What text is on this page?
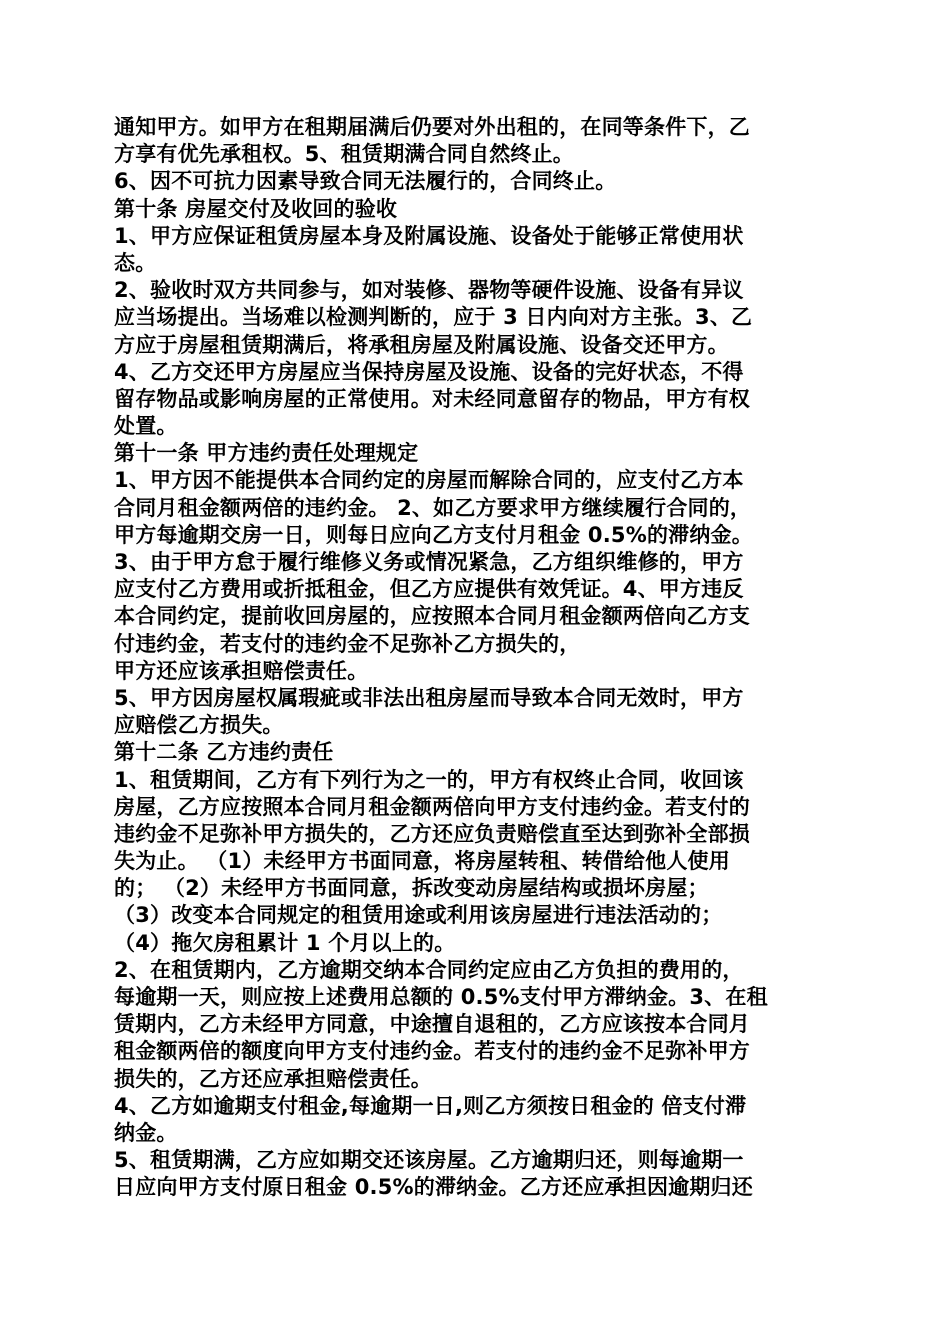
通知甲方。如甲方在租期届满后仍要对外出租的，在同等条件下，乙
方享有优先承租权。5、租赁期满合同自然终止。
6、因不可抗力因素导致合同无法履行的，合同终止。
第十条 房屋交付及收回的验收
1、甲方应保证租赁房屋本身及附属设施、设备处于能够正常使用状
态。
2、验收时双方共同参与，如对装修、器物等硬件设施、设备有异议
应当场提出。当场难以检测判断的，应于 3 日内向对方主张。3、乙
方应于房屋租赁期满后，将承租房屋及附属设施、设备交还甲方。
4、乙方交还甲方房屋应当保持房屋及设施、设备的完好状态，不得
留存物品或影响房屋的正常使用。对未经同意留存的物品，甲方有权
处置。
第十一条 甲方违约责任处理规定
1、甲方因不能提供本合同约定的房屋而解除合同的，应支付乙方本
合同月租金额两倍的违约金。 2、如乙方要求甲方继续履行合同的，
甲方每逾期交房一日，则每日应向乙方支付月租金 0.5%的滞纳金。
3、由于甲方怠于履行维修义务或情况紧急，乙方组织维修的，甲方
应支付乙方费用或折抵租金，但乙方应提供有效凭证。4、甲方违反
本合同约定，提前收回房屋的，应按照本合同月租金额两倍向乙方支
付违约金，若支付的违约金不足弥补乙方损失的，
甲方还应该承担赔偿责任。
5、甲方因房屋权属瑕疵或非法出租房屋而导致本合同无效时，甲方
应赔偿乙方损失。
第十二条 乙方违约责任
1、租赁期间，乙方有下列行为之一的，甲方有权终止合同，收回该
房屋，乙方应按照本合同月租金额两倍向甲方支付违约金。若支付的
违约金不足弥补甲方损失的，乙方还应负责赔偿直至达到弥补全部损
失为止。 （1）未经甲方书面同意，将房屋转租、转借给他人使用
的； （2）未经甲方书面同意，拆改变动房屋结构或损坏房屋；
（3）改变本合同规定的租赁用途或利用该房屋进行违法活动的；
（4）拖欠房租累计 1 个月以上的。
2、在租赁期内，乙方逾期交纳本合同约定应由乙方负担的费用的，
每逾期一天，则应按上述费用总额的 0.5%支付甲方滞纳金。3、在租
赁期内，乙方未经甲方同意，中途擅自退租的，乙方应该按本合同月
租金额两倍的额度向甲方支付违约金。若支付的违约金不足弥补甲方
损失的，乙方还应承担赔偿责任。
4、乙方如逾期支付租金,每逾期一日,则乙方须按日租金的 倍支付滞
纳金。
5、租赁期满，乙方应如期交还该房屋。乙方逾期归还，则每逾期一
日应向甲方支付原日租金 0.5%的滞纳金。乙方还应承担因逾期归还
